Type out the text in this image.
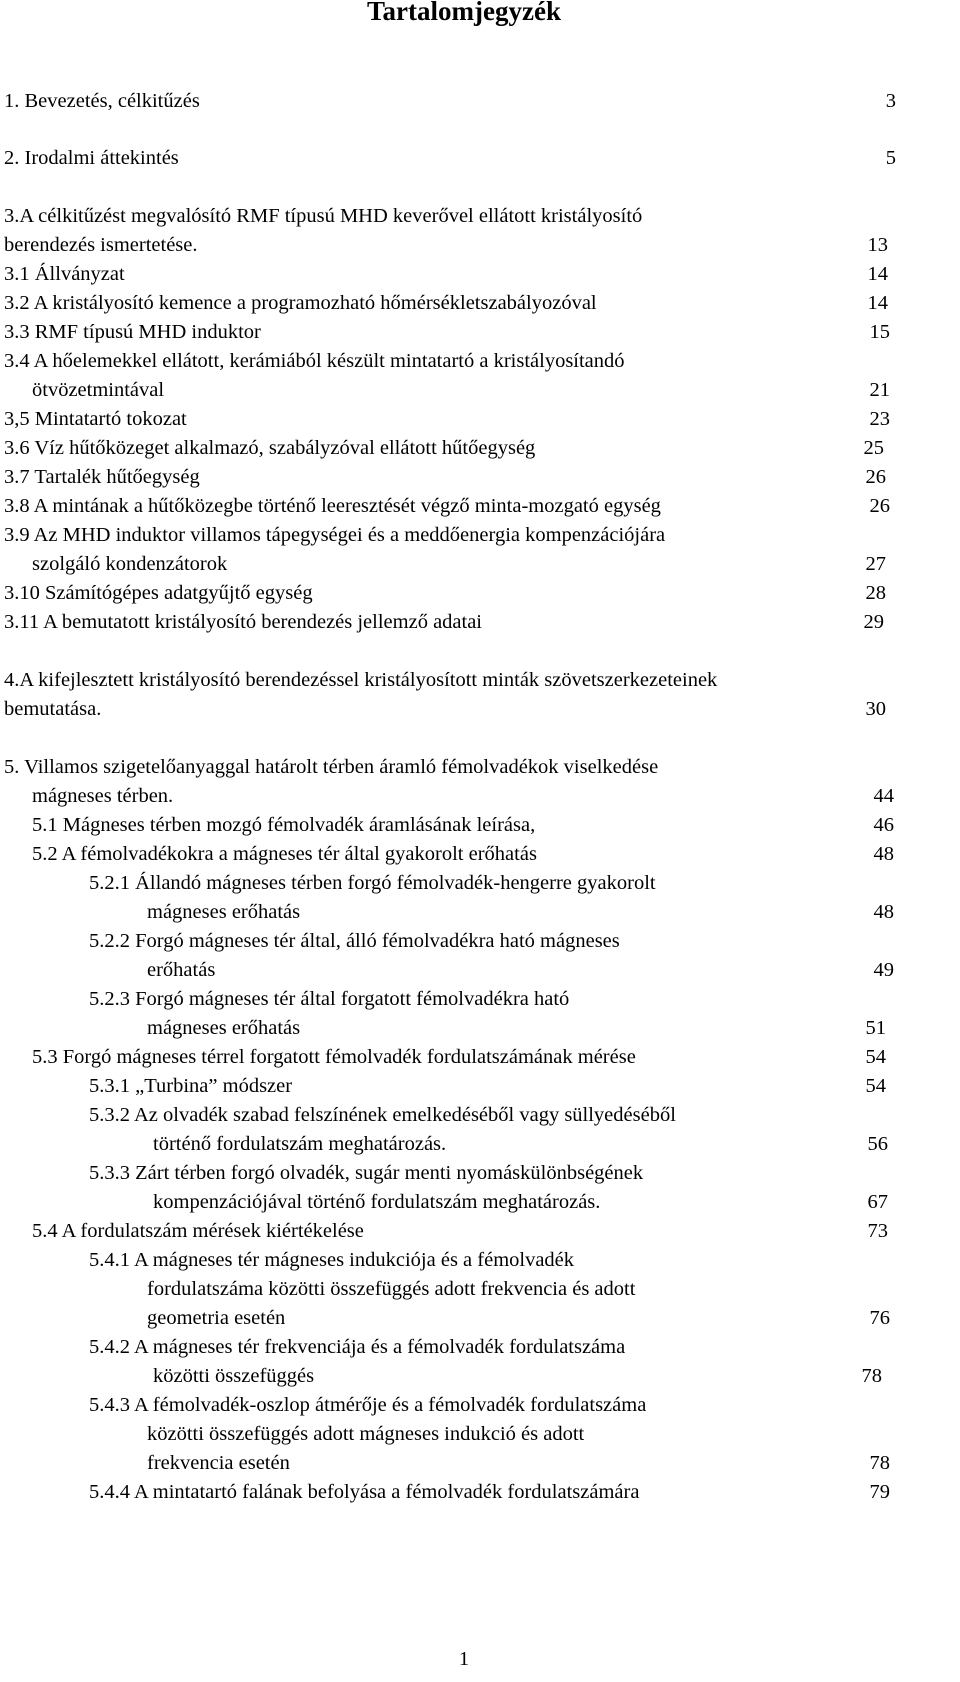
Tartalomjegyzék
1. Bevezetés, célkitűzés	3
2. Irodalmi áttekintés	5
3.A célkitűzést megvalósító RMF típusú MHD keverővel ellátott kristályosító
berendezés ismertetése.	13
3.1 Állványzat	14
3.2 A kristályosító kemence a programozható hőmérsékletszabályozóval	14
3.3 RMF típusú MHD induktor	15
3.4 A hőelemekkel ellátott, kerámiából készült mintatartó a kristályosítandó
ötvözetmintával	21
3,5 Mintatartó tokozat	23
3.6 Víz hűtőközeget alkalmazó, szabályzóval ellátott hűtőegység	25
3.7 Tartalék hűtőegység	26
3.8 A mintának a hűtőközegbe történő leeresztését végző minta-mozgató egység	26
3.9 Az MHD induktor villamos tápegységei és a meddőenergia kompenzációjára
szolgáló kondenzátorok	27
3.10 Számítógépes adatgyűjtő egység	28
3.11 A bemutatott kristályosító berendezés jellemző adatai	29
4.A kifejlesztett kristályosító berendezéssel kristályosított minták szövetszerkezeteinek
bemutatása.	30
5. Villamos szigetelőanyaggal határolt térben áramló fémolvadékok viselkedése
mágneses térben.	44
5.1 Mágneses térben mozgó fémolvadék áramlásának leírása,	46
5.2 A fémolvadékokra a mágneses tér által gyakorolt erőhatás	48
5.2.1 Állandó mágneses térben forgó fémolvadék-hengerre gyakorolt
mágneses erőhatás	48
5.2.2 Forgó mágneses tér által, álló fémolvadékra ható mágneses
erőhatás	49
5.2.3 Forgó mágneses tér által forgatott fémolvadékra ható
mágneses erőhatás	51
5.3 Forgó mágneses térrel forgatott fémolvadék fordulatszámának mérése	54
5.3.1 „Turbina” módszer	54
5.3.2 Az olvadék szabad felszínének emelkedéséből vagy süllyedéséből
történő fordulatszám meghatározás.	56
5.3.3 Zárt térben forgó olvadék, sugár menti nyomáskülönbségének
kompenzációjával történő fordulatszám meghatározás.	67
5.4 A fordulatszám mérések kiértékelése	73
5.4.1 A mágneses tér mágneses indukciója és a fémolvadék
fordulatszáma közötti összefüggés adott frekvencia és adott
geometria esetén	76
5.4.2 A mágneses tér frekvenciája és a fémolvadék fordulatszáma
közötti összefüggés	78
5.4.3 A fémolvadék-oszlop átmérője és a fémolvadék fordulatszáma
közötti összefüggés adott mágneses indukció és adott
frekvencia esetén	78
5.4.4 A mintatartó falának befolyása a fémolvadék fordulatszámára	79
1
